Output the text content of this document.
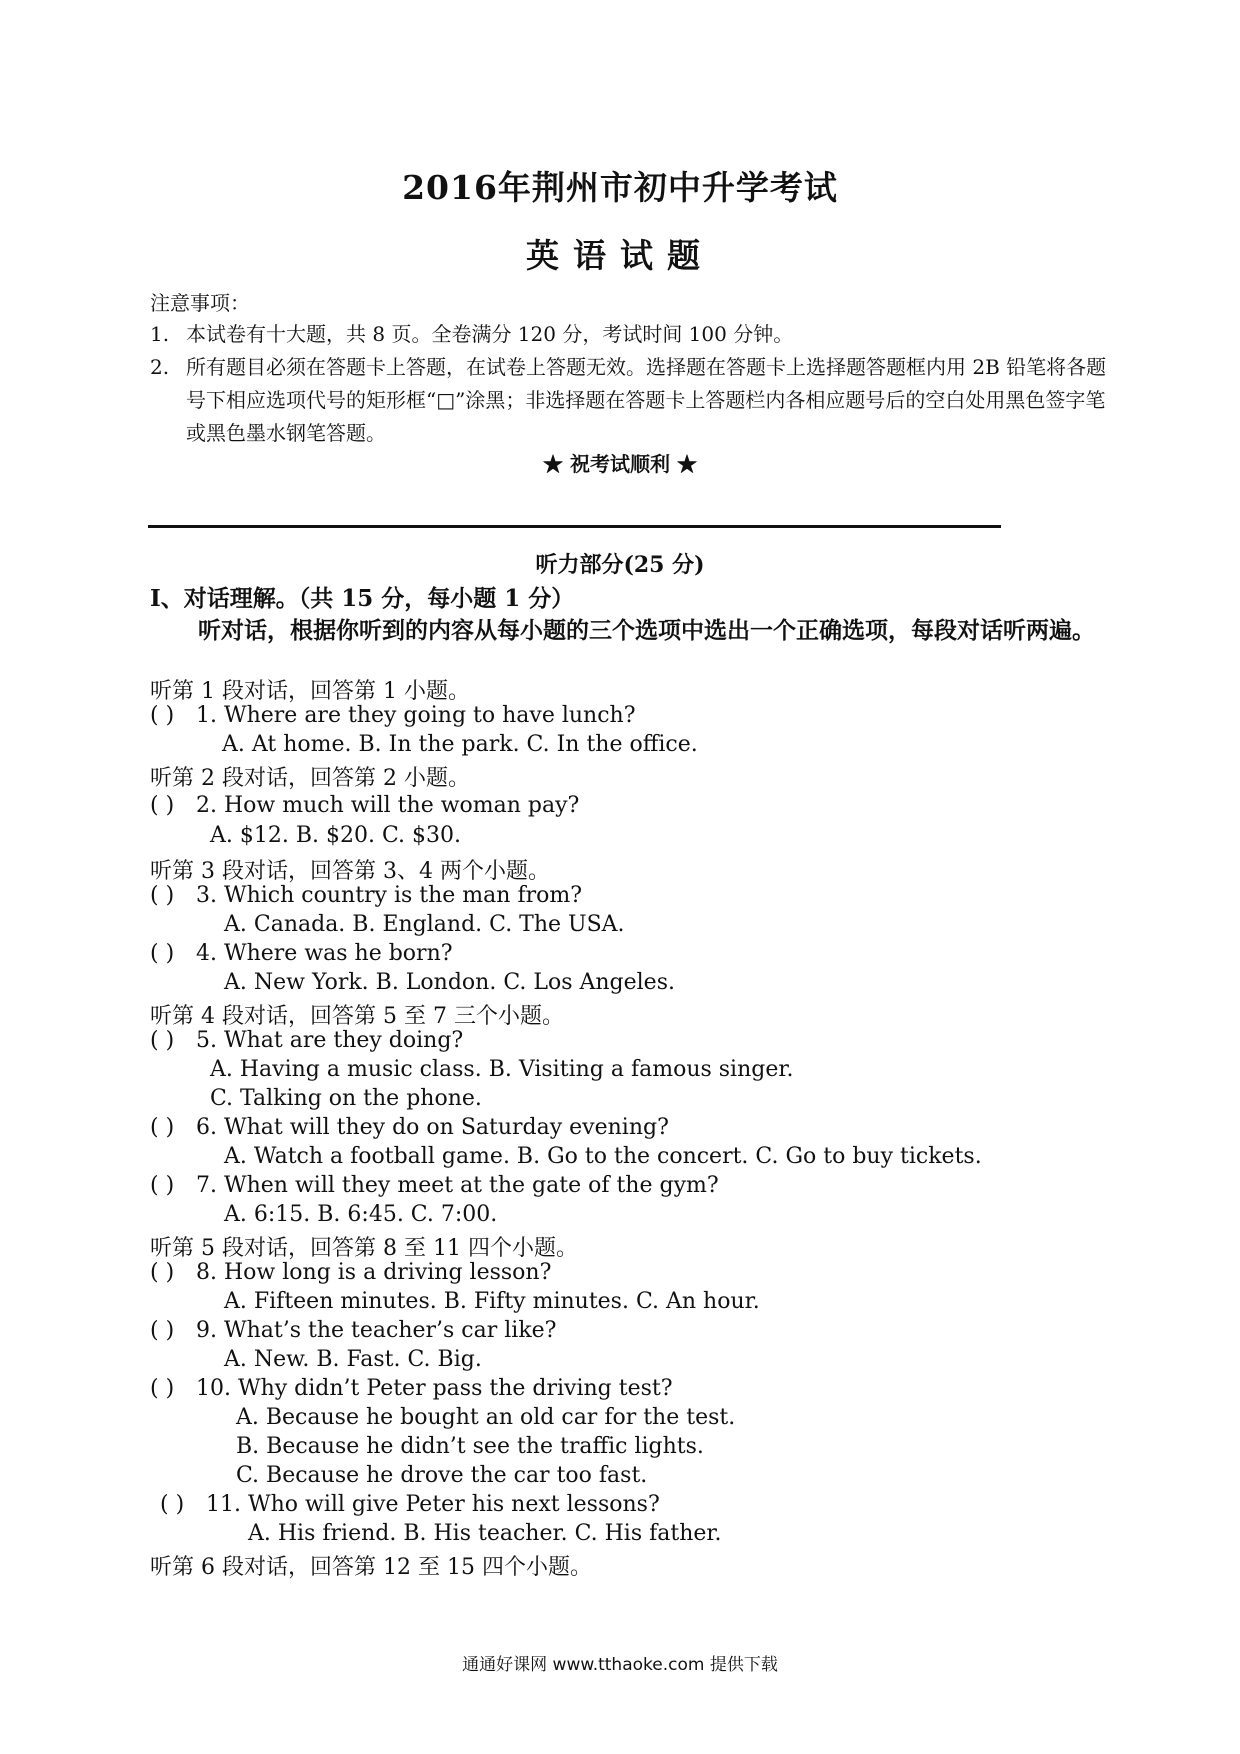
2016年荆州市初中升学考试
英语试题
注意事项：
1. 本试卷有十大题，共 8 页。全卷满分 120 分，考试时间 100 分钟。
2. 所有题目必须在答题卡上答题，在试卷上答题无效。选择题在答题卡上选择题答题框内用 2B 铅笔将各题号下相应选项代号的矩形框“□”涂黑；非选择题在答题卡上答题栏内各相应题号后的空白处用黑色签字笔或黑色墨水钢笔答题。
★ 祝考试顺利 ★
听力部分(25 分)
Ⅰ、对话理解。（共 15 分，每小题 1 分）
听对话，根据你听到的内容从每小题的三个选项中选出一个正确选项，每段对话听两遍。
听第 1 段对话，回答第 1 小题。
( ) 1. Where are they going to have lunch?
A. At home. B. In the park. C. In the office.
听第 2 段对话，回答第 2 小题。
( ) 2. How much will the woman pay?
A. $12. B. $20. C. $30.
听第 3 段对话，回答第 3、4 两个小题。
( ) 3. Which country is the man from?
A. Canada. B. England. C. The USA.
( ) 4. Where was he born?
A. New York. B. London. C. Los Angeles.
听第 4 段对话，回答第 5 至 7 三个小题。
( ) 5. What are they doing?
A. Having a music class. B. Visiting a famous singer.
C. Talking on the phone.
( ) 6. What will they do on Saturday evening?
A. Watch a football game. B. Go to the concert. C. Go to buy tickets.
( ) 7. When will they meet at the gate of the gym?
A. 6:15. B. 6:45. C. 7:00.
听第 5 段对话，回答第 8 至 11 四个小题。
( ) 8. How long is a driving lesson?
A. Fifteen minutes. B. Fifty minutes. C. An hour.
( ) 9. What’s the teacher’s car like?
A. New. B. Fast. C. Big.
( ) 10. Why didn’t Peter pass the driving test?
A. Because he bought an old car for the test.
B. Because he didn’t see the traffic lights.
C. Because he drove the car too fast.
( ) 11. Who will give Peter his next lessons?
A. His friend. B. His teacher. C. His father.
听第 6 段对话，回答第 12 至 15 四个小题。
通通好课网 www.tthaoke.com 提供下载
